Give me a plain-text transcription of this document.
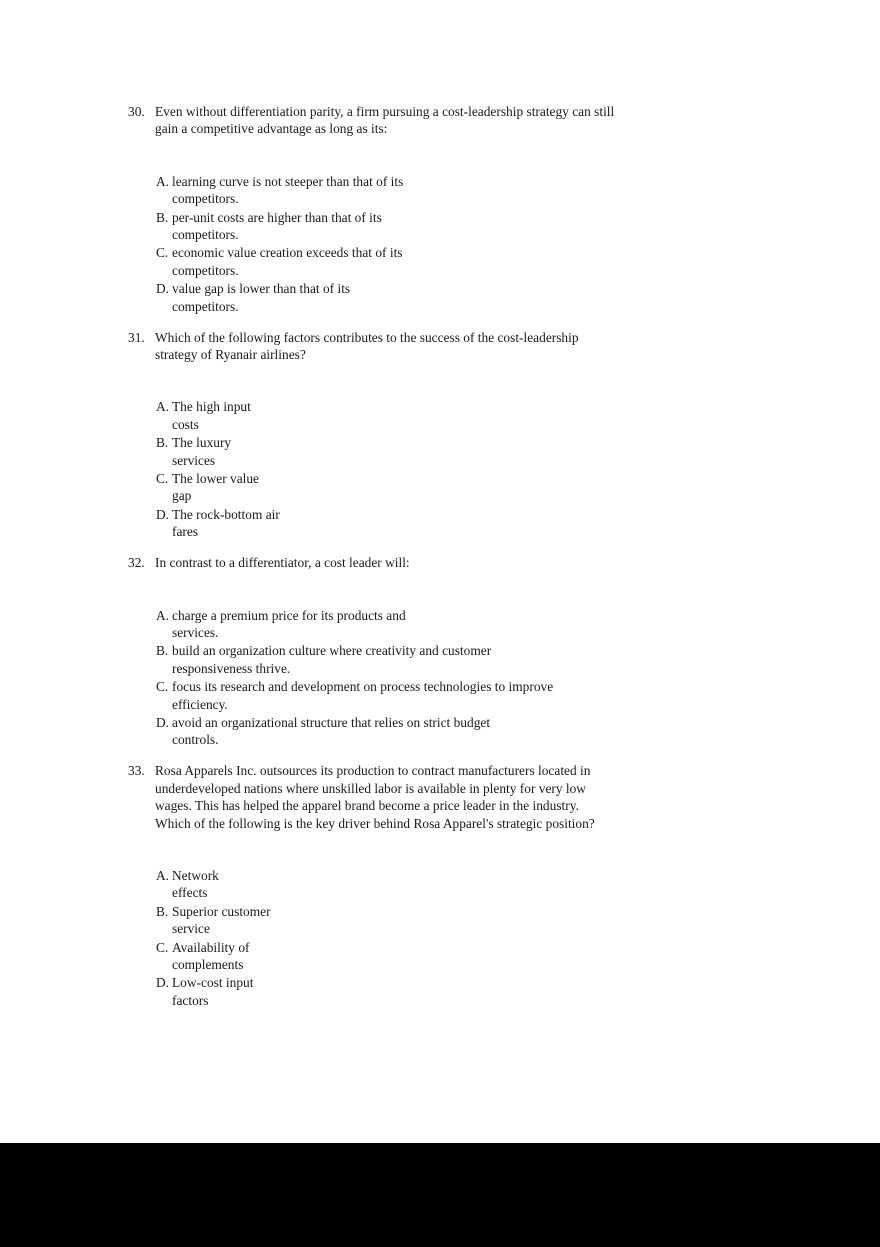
30. Even without differentiation parity, a firm pursuing a cost-leadership strategy can still
gain a competitive advantage as long as its:
A. learning curve is not steeper than that of its
competitors.
B. per-unit costs are higher than that of its
competitors.
C. economic value creation exceeds that of its
competitors.
D. value gap is lower than that of its
competitors.
31. Which of the following factors contributes to the success of the cost-leadership
strategy of Ryanair airlines?
A. The high input
costs
B. The luxury
services
C. The lower value
gap
D. The rock-bottom air
fares
32. In contrast to a differentiator, a cost leader will:
A. charge a premium price for its products and
services.
B. build an organization culture where creativity and customer
responsiveness thrive.
C. focus its research and development on process technologies to improve
efficiency.
D. avoid an organizational structure that relies on strict budget
controls.
33. Rosa Apparels Inc. outsources its production to contract manufacturers located in
underdeveloped nations where unskilled labor is available in plenty for very low
wages. This has helped the apparel brand become a price leader in the industry.
Which of the following is the key driver behind Rosa Apparel's strategic position?
A. Network
effects
B. Superior customer
service
C. Availability of
complements
D. Low-cost input
factors
